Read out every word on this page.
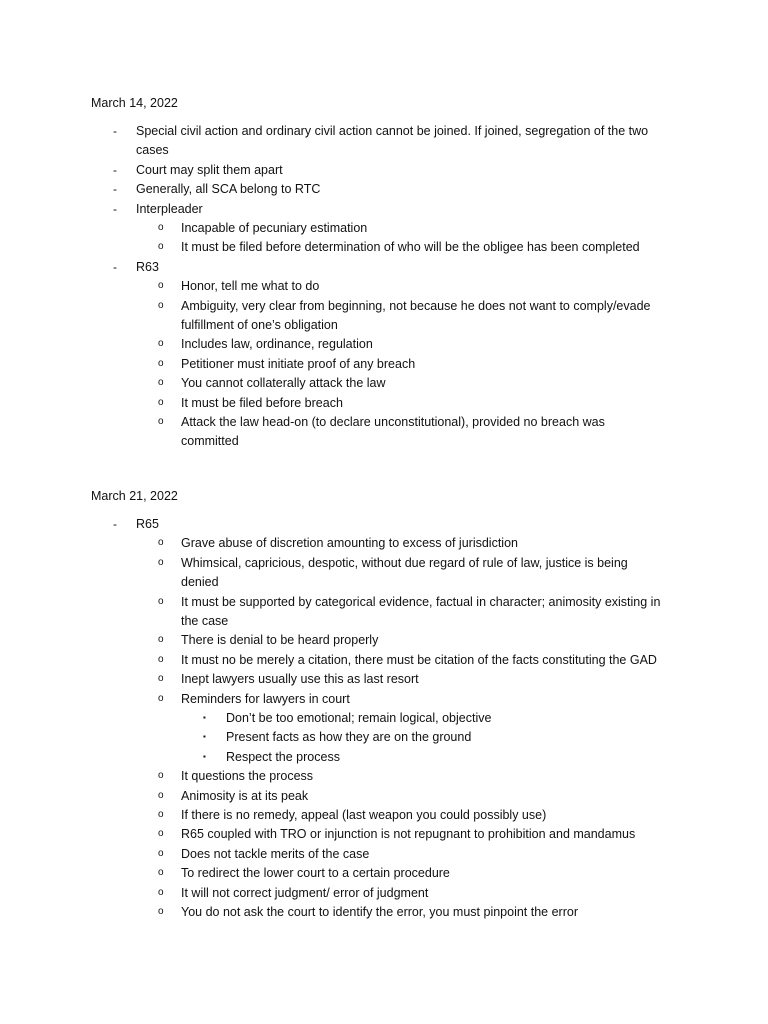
March 14, 2022
- Special civil action and ordinary civil action cannot be joined. If joined, segregation of the two
cases
- Court may split them apart
- Generally, all SCA belong to RTC
- Interpleader
o Incapable of pecuniary estimation
o It must be filed before determination of who will be the obligee has been completed
- R63
o Honor, tell me what to do
o Ambiguity, very clear from beginning, not because he does not want to comply/evade
fulfillment of one’s obligation
o Includes law, ordinance, regulation
o Petitioner must initiate proof of any breach
o You cannot collaterally attack the law
o It must be filed before breach
o Attack the law head-on (to declare unconstitutional), provided no breach was
committed
March 21, 2022
- R65
o Grave abuse of discretion amounting to excess of jurisdiction
o Whimsical, capricious, despotic, without due regard of rule of law, justice is being
denied
o It must be supported by categorical evidence, factual in character; animosity existing in
the case
o There is denial to be heard properly
o It must no be merely a citation, there must be citation of the facts constituting the GAD
o Inept lawyers usually use this as last resort
o Reminders for lawyers in court
▪ Don’t be too emotional; remain logical, objective
▪ Present facts as how they are on the ground
▪ Respect the process
o It questions the process
o Animosity is at its peak
o If there is no remedy, appeal (last weapon you could possibly use)
o R65 coupled with TRO or injunction is not repugnant to prohibition and mandamus
o Does not tackle merits of the case
o To redirect the lower court to a certain procedure
o It will not correct judgment/ error of judgment
o You do not ask the court to identify the error, you must pinpoint the error
